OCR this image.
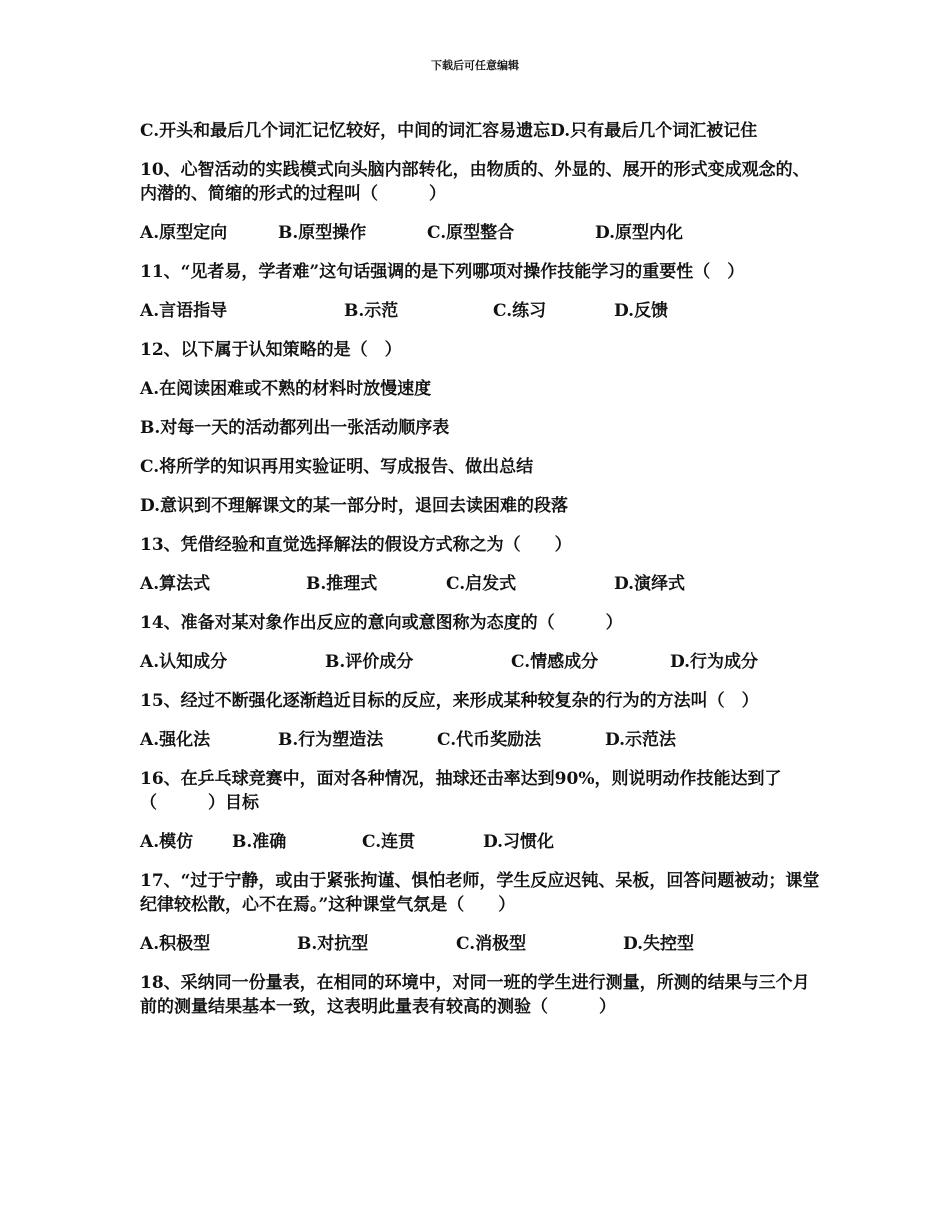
下载后可任意编辑
C.开头和最后几个词汇记忆较好，中间的词汇容易遗忘D.只有最后几个词汇被记住
10、心智活动的实践模式向头脑内部转化，由物质的、外显的、展开的形式变成观念的、内潜的、简缩的形式的过程叫（　　　）
A.原型定向	B.原型操作	C.原型整合	D.原型内化
11、“见者易，学者难”这句话强调的是下列哪项对操作技能学习的重要性（　）
A.言语指导	B.示范	C.练习	D.反馈
12、以下属于认知策略的是（　）
A.在阅读困难或不熟的材料时放慢速度
B.对每一天的活动都列出一张活动顺序表
C.将所学的知识再用实验证明、写成报告、做出总结
D.意识到不理解课文的某一部分时，退回去读困难的段落
13、凭借经验和直觉选择解法的假设方式称之为（　　）
A.算法式	B.推理式	C.启发式	D.演绎式
14、准备对某对象作出反应的意向或意图称为态度的（　　　）
A.认知成分	B.评价成分	C.情感成分	D.行为成分
15、经过不断强化逐渐趋近目标的反应，来形成某种较复杂的行为的方法叫（　）
A.强化法	B.行为塑造法	C.代币奖励法	D.示范法
16、在乒乓球竞赛中，面对各种情况，抽球还击率达到90%，则说明动作技能达到了（　　　）目标
A.模仿 B.准确	C.连贯	D.习惯化
17、“过于宁静，或由于紧张拘谨、惧怕老师，学生反应迟钝、呆板，回答问题被动；课堂纪律较松散，心不在焉。”这种课堂气氛是（　　）
A.积极型	B.对抗型	C.消极型	D.失控型
18、采纳同一份量表，在相同的环境中，对同一班的学生进行测量，所测的结果与三个月前的测量结果基本一致，这表明此量表有较高的测验（　　　）
